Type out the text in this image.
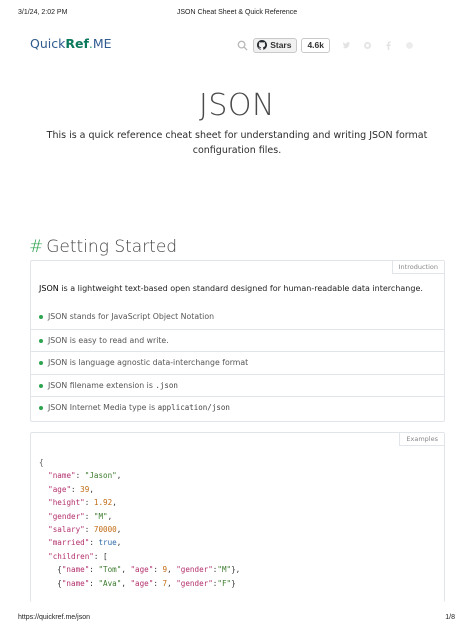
3/1/24, 2:02 PM	JSON Cheat Sheet & Quick Reference
QuickRef.ME	Stars	4.6k
JSON

This is a quick reference cheat sheet for understanding and writing JSON format configuration files.

# Getting Started
Introduction

JSON is a lightweight text-based open standard designed for human-readable data interchange.

JSON stands for JavaScript Object Notation
JSON is easy to read and write.
JSON is language agnostic data-interchange format
JSON filename extension is .json
JSON Internet Media type is application/json
Examples
{
"name": "Jason",
"age": 39,
"height": 1.92,
"gender": "M",
"salary": 70000,
"married": true,
"children": [
{"name": "Tom", "age": 9, "gender":"M"},
{"name": "Ava", "age": 7, "gender":"F"}
https://quickref.me/json	1/8
